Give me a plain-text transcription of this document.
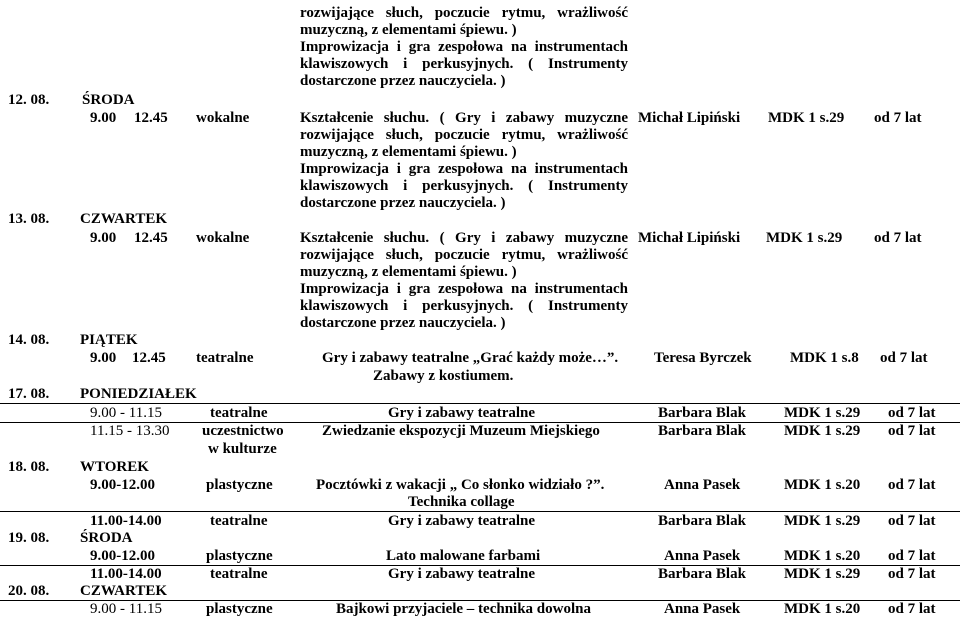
rozwijające słuch, poczucie rytmu, wrażliwość
muzyczną, z elementami śpiewu. )
Improwizacja i gra zespołowa na instrumentach
klawiszowych i perkusyjnych. ( Instrumenty
dostarczone przez nauczyciela. )
12. 08. ŚRODA
9.00 12.45 wokalne	Kształcenie słuchu. ( Gry i zabawy muzyczne
rozwijające słuch, poczucie rytmu, wrażliwość
muzyczną, z elementami śpiewu. )
Improwizacja i gra zespołowa na instrumentach
klawiszowych i perkusyjnych. ( Instrumenty
dostarczone przez nauczyciela. )
Michał Lipiński MDK 1 s.29 od 7 lat
13. 08. CZWARTEK
9.00 12.45 wokalne	Kształcenie słuchu. ( Gry i zabawy muzyczne
rozwijające słuch, poczucie rytmu, wrażliwość
muzyczną, z elementami śpiewu. )
Improwizacja i gra zespołowa na instrumentach
klawiszowych i perkusyjnych. ( Instrumenty
dostarczone przez nauczyciela. )
Michał Lipiński MDK 1 s.29 od 7 lat
14. 08. PIĄTEK
9.00 12.45 teatralne	Gry i zabawy teatralne „Grać każdy może…”.
Zabawy z kostiumem.
Teresa Byrczek	MDK 1 s.8 od 7 lat
17. 08. PONIEDZIAŁEK
9.00 - 11.15	teatralne	Gry i zabawy teatralne	Barbara Blak	MDK 1 s.29 od 7 lat
11.15 - 13.30 uczestnictwo
w kulturze
Zwiedzanie ekspozycji Muzeum Miejskiego	Barbara Blak	MDK 1 s.29 od 7 lat
18. 08. WTOREK
9.00-12.00	plastyczne	Pocztówki z wakacji „ Co słonko widziało ?”.
Technika collage
Anna Pasek	MDK 1 s.20 od 7 lat
11.00-14.00	teatralne	Gry i zabawy teatralne	Barbara Blak	MDK 1 s.29 od 7 lat
19. 08. ŚRODA
9.00-12.00	plastyczne	Lato malowane farbami	Anna Pasek	MDK 1 s.20 od 7 lat
11.00-14.00	teatralne	Gry i zabawy teatralne	Barbara Blak	MDK 1 s.29 od 7 lat
20. 08. CZWARTEK
9.00 - 11.15	plastyczne	Bajkowi przyjaciele – technika dowolna	Anna Pasek	MDK 1 s.20 od 7 lat
